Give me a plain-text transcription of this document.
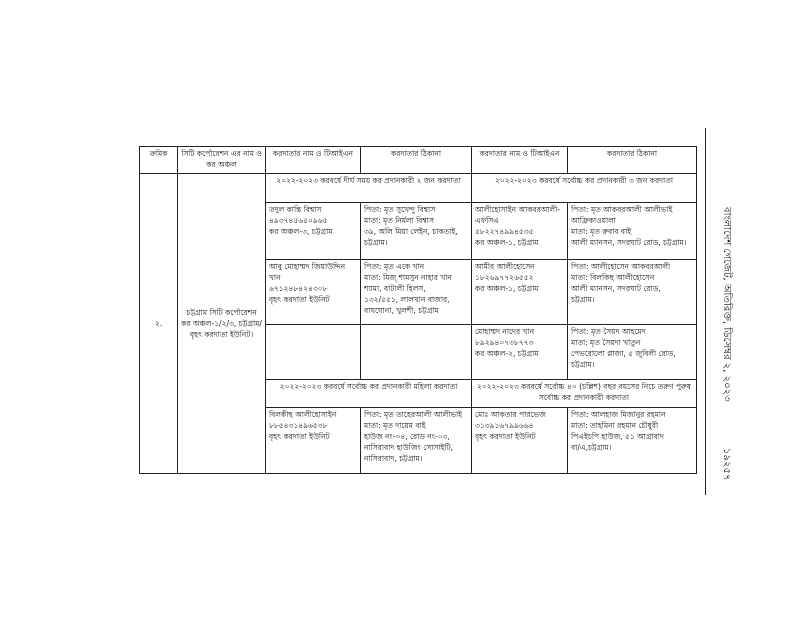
বাংলাদেশ গেজেট, অতিরিক্ত, ডিসেম্বর ২, ২০২৩
১৯২৫৭
ক্রমিক	সিটি কর্পোরেশন এর নাম ও কর অঞ্চল	করদাতার নাম ও টিআইএন	করদাতার ঠিকানা	করদাতার নাম ও টিআইএন	করদাতার ঠিকানা
২.	চট্টগ্রাম সিটি কর্পোরেশন কর অঞ্চল-১/২/৩, চট্টগ্রাম/ বৃহৎ করদাতা ইউনিট।	২০২২-২০২৩ করবর্ষে দীর্ঘ সময় কর প্রদানকারী ২ জন করদাতা		২০২২-২০২৩ করবর্ষে সর্বোচ্চ কর প্রদানকারী ৩ জন করদাতা	

		তদুল কান্তি বিশ্বাস
৪৯৩৭৪৫৬৫০৯৬৫
কর অঞ্চল-৩, চট্টগ্রাম	পিতা: মৃত সুখেন্দু বিশ্বাস
মাতা: মৃত নির্মলা বিশ্বাস
৩৯, অলি মিয়া লেইন, চাকতাই,
চট্টগ্রাম।	আলীহোসাইন আকবরআলী- এফসিএ
৫৮২২৭৪৯৯৪৫৩৫
কর অঞ্চল-১, চট্টগ্রাম	পিতা: মৃত আকবরআলী আলীভাই আফ্রিকাওয়ালা
মাতা: মৃত রুবাব বাই
আলী ম্যানসন, সদরঘাট রোড, চট্টগ্রাম।

		আবু মোহাম্মদ জিয়াউদ্দিন খান
৬৭১২৪৮৪২৪৩০৮
বৃহৎ করদাতা ইউনিট	পিতা: মৃত একে খান
মাতা: মিজ্ শামসুন নাহার খান
শ্যামা, বাটালী হিলস,
১৩২/৫৫১, লালখান বাজার,
বাঘঘোনা, খুলশী, চট্টগ্রাম	আমীর আলীহোসেন
১৮২৬৯৭৭২৬৫৫২
কর অঞ্চল-১, চট্টগ্রাম	পিতা: আলীহোসেন আকবরআলী
মাতা: বিলকিছ আলীহোসেন
আলী ম্যানসন, সদরঘাট রোড,
চট্টগ্রাম।

				মোহাম্মদ নাদের খান
৮৯২৯৪০৭৩৮৭৭৩
কর অঞ্চল-২, চট্টগ্রাম	পিতা: মৃত সৈয়দ আহমেদ
মাতা: মৃত সৈয়দা খাতুন
পেভরোলো প্লাজা, ৫ জুবিলী রোড,
চট্টগ্রাম।

		২০২২-২০২৩ করবর্ষে সর্বোচ্চ কর প্রদানকারী মহিলা করদাতা		২০২২-২০২৩ করবর্ষে সর্বোচ্চ ৪০ (চল্লিশ) বছর বয়সের নিচে তরুণ পুরুষ সর্বোচ্চ কর প্রদানকারী করদাতা	

		বিলকীছ আলীহোসাইন
৮৮৫৪৩১৪৯৬৫৩৮
বৃহৎ করদাতা ইউনিট	পিতা: মৃত তাহেরআলী আলীভাই
মাতা: মৃত দায়েম বাই
হাউজ নং-০৪, রোড নং-০৩,
নাসিরাবাদ হাউজিং সোসাইটি,
নাসিরাবাদ, চট্টগ্রাম।	মোঃ আকতার পারভেজ
৩১৩৯১৬৭৯৯৬৬৪
বৃহৎ করদাতা ইউনিট	পিতা: আলহাজ মিজানুর রহমান
মাতা: তাহমিনা রহমান চৌধুরী
পিএইচপি হাউজ, ৫১ আগ্রাবাদ
বা/এ,চট্টগ্রাম।
